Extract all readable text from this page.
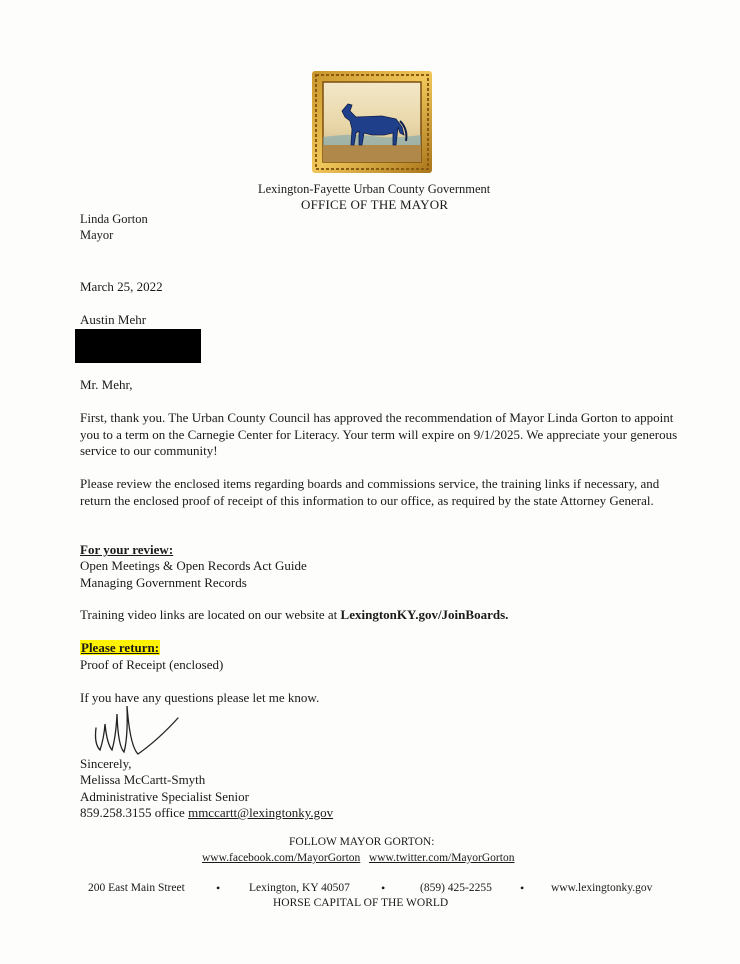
Lexington-Fayette Urban County Government
OFFICE OF THE MAYOR
Linda Gorton
Mayor
March 25, 2022
Austin Mehr
Mr. Mehr,
First, thank you. The Urban County Council has approved the recommendation of Mayor Linda Gorton to appoint you to a term on the Carnegie Center for Literacy. Your term will expire on 9/1/2025. We appreciate your generous service to our community!
Please review the enclosed items regarding boards and commissions service, the training links if necessary, and return the enclosed proof of receipt of this information to our office, as required by the state Attorney General.
For your review:
Open Meetings & Open Records Act Guide
Managing Government Records
Training video links are located on our website at LexingtonKY.gov/JoinBoards.
Please return:
Proof of Receipt (enclosed)
If you have any questions please let me know.
Sincerely,
Melissa McCartt-Smyth
Administrative Specialist Senior
859.258.3155 office mmccartt@lexingtonky.gov
FOLLOW MAYOR GORTON:
www.facebook.com/MayorGorton www.twitter.com/MayorGorton
200 East Main Street	•	Lexington, KY 40507	•	(859) 425-2255 • www.lexingtonky.gov
HORSE CAPITAL OF THE WORLD
